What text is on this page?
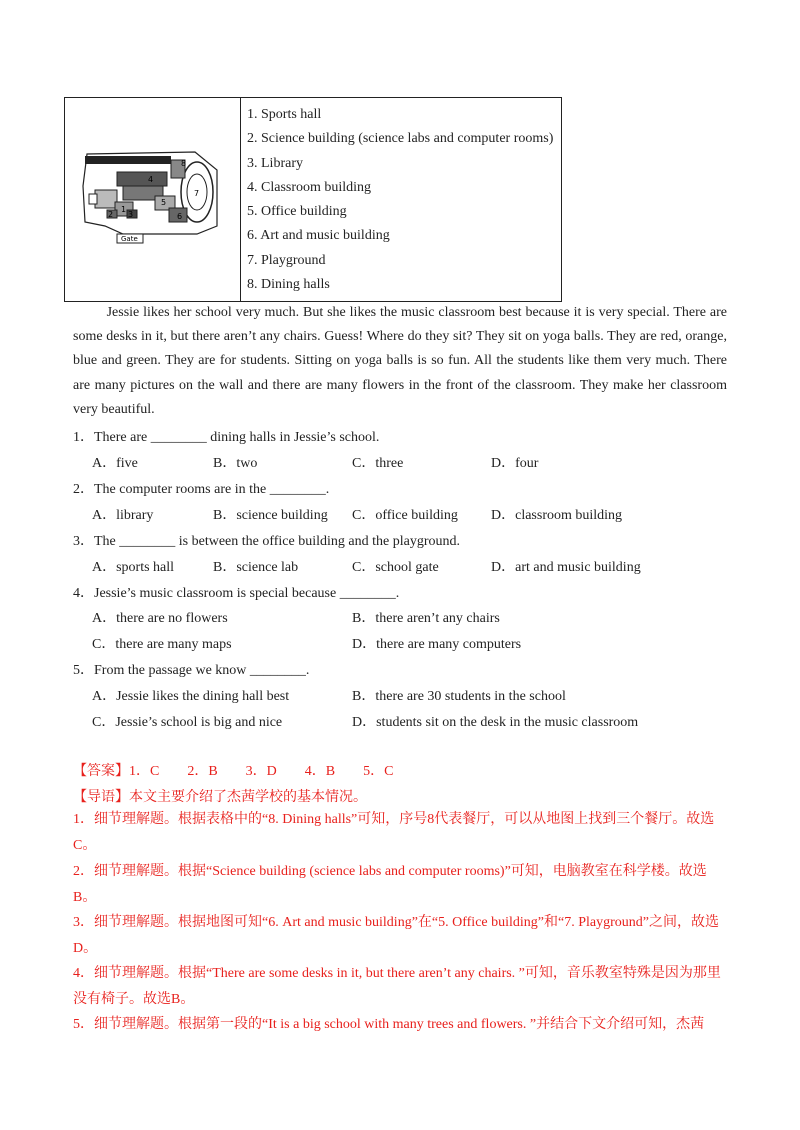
1
2 3
4
5
6
7
8
Gate
1. Sports hall
2. Science building (science labs and computer rooms)
3. Library
4. Classroom building
5. Office building
6. Art and music building
7. Playground
8. Dining halls

Jessie likes her school very much. But she likes the music classroom best because it is very special. There are some desks in it, but there aren’t any chairs. Guess! Where do they sit? They sit on yoga balls. They are red, orange, blue and green. They are for students. Sitting on yoga balls is so fun. All the students like them very much. There are many pictures on the wall and there are many flowers in the front of the classroom. They make her classroom very beautiful.

1．There are ________ dining halls in Jessie’s school.
A．five	B．two	C．three	D．four
2．The computer rooms are in the ________.
A．library	B．science building C．office building D．classroom building
3．The ________ is between the office building and the playground.
A．sports hall	B．science lab	C．school gate	D．art and music building
4．Jessie’s music classroom is special because ________.
A．there are no flowers	B．there aren’t any chairs
C．there are many maps	D．there are many computers
5．From the passage we know ________.
A．Jessie likes the dining hall best	B．there are 30 students in the school
C．Jessie’s school is big and nice	D．students sit on the desk in the music classroom
【答案】1．C　　2．B　　3．D　　4．B　　5．C
【导语】本文主要介绍了杰茜学校的基本情况。

1．细节理解题。根据表格中的“8. Dining halls”可知，序号8代表餐厅，可以从地图上找到三个餐厅。故选C。

2．细节理解题。根据“Science building (science labs and computer rooms)”可知，电脑教室在科学楼。故选B。

3．细节理解题。根据地图可知“6. Art and music building”在“5. Office building”和“7. Playground”之间，故选D。

4．细节理解题。根据“There are some desks in it, but there aren’t any chairs. ”可知，音乐教室特殊是因为那里没有椅子。故选B。

5．细节理解题。根据第一段的“It is a big school with many trees and flowers. ”并结合下文介绍可知，杰茜
